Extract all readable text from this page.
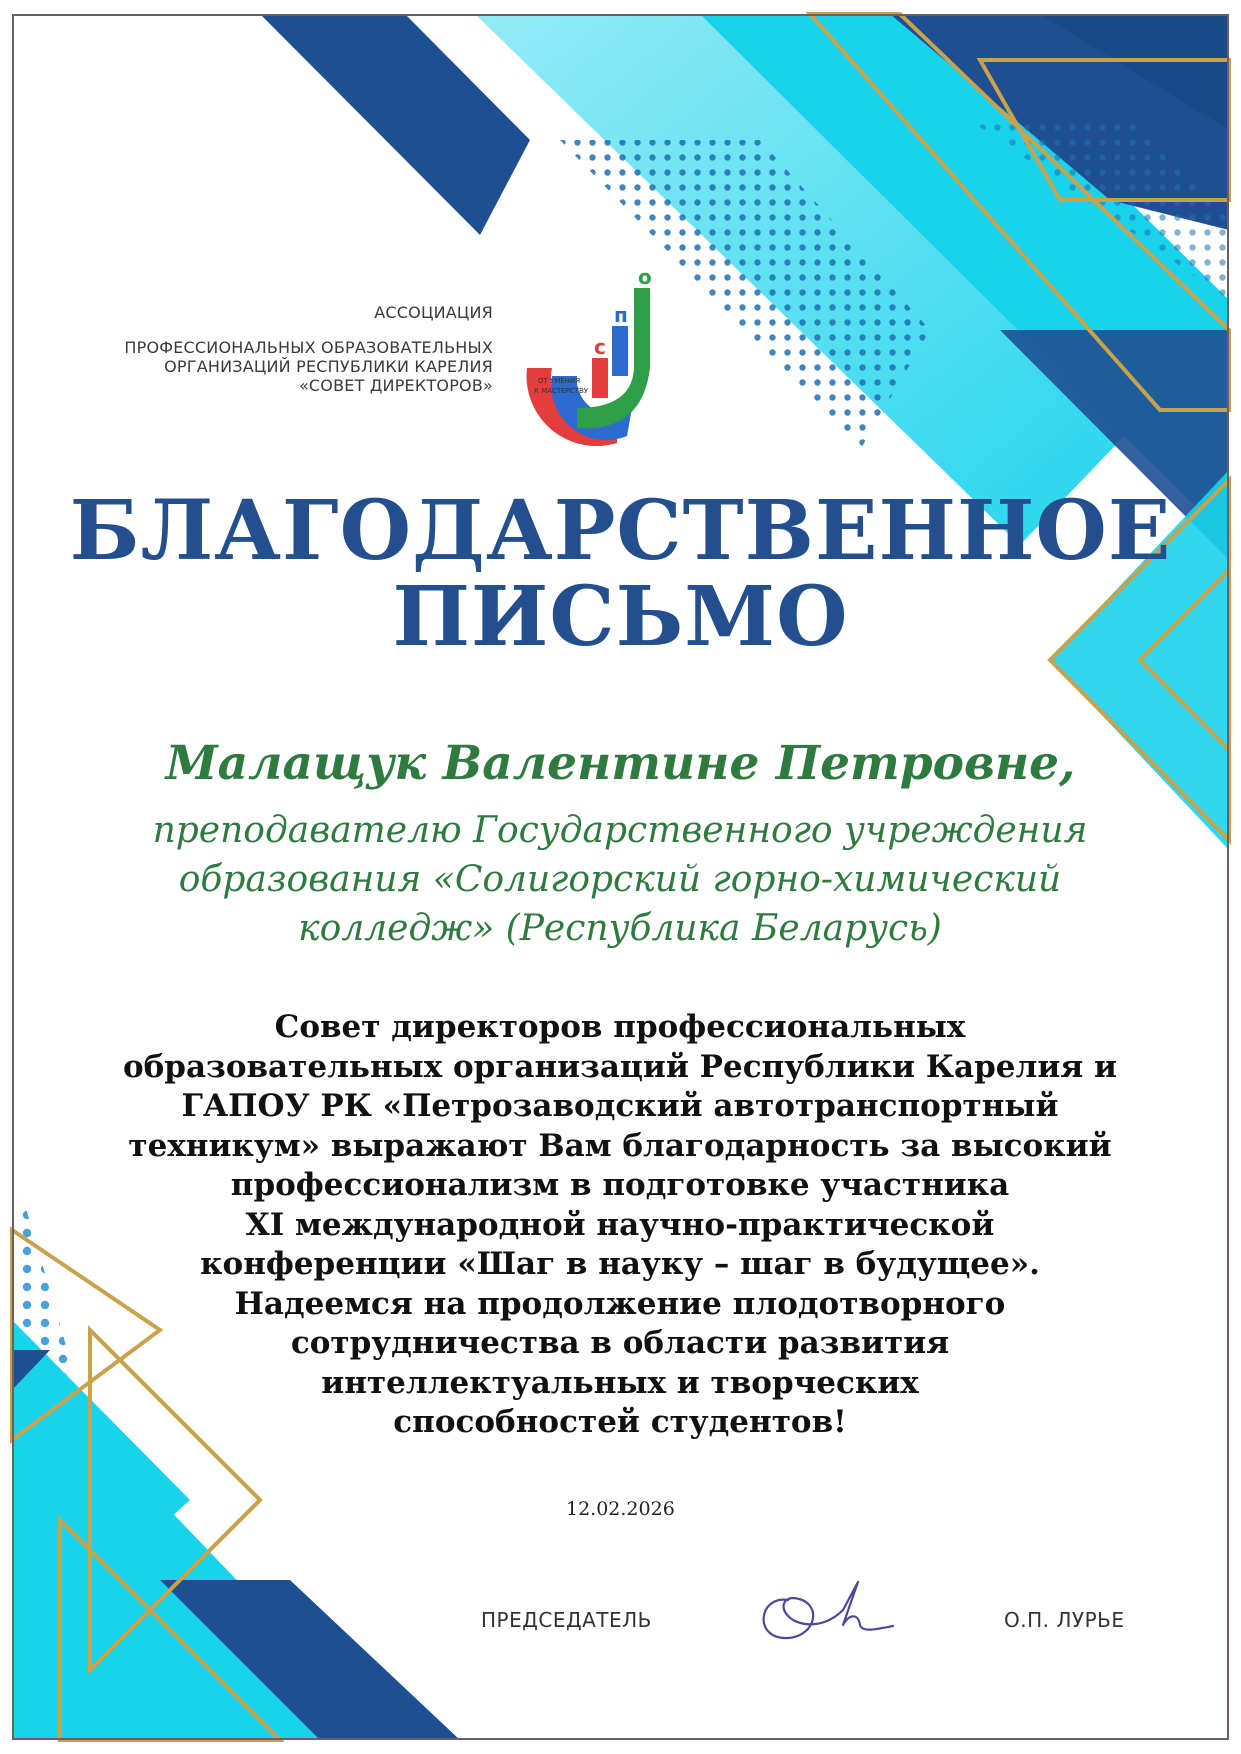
АССОЦИАЦИЯ
ПРОФЕССИОНАЛЬНЫХ ОБРАЗОВАТЕЛЬНЫХ
ОРГАНИЗАЦИЙ РЕСПУБЛИКИ КАРЕЛИЯ
«СОВЕТ ДИРЕКТОРОВ»
о
п
с
ОТ УМЕНИЯ
К МАСТЕРСТВУ
БЛАГОДАРСТВЕННОЕ
ПИСЬМО
Малащук Валентине Петровне,
преподавателю Государственного учреждения
образования «Солигорский горно-химический
колледж» (Республика Беларусь)
Совет директоров профессиональных
образовательных организаций Республики Карелия и
ГАПОУ РК «Петрозаводский автотранспортный
техникум» выражают Вам благодарность за высокий
профессионализм в подготовке участника
XI международной научно-практической
конференции «Шаг в науку – шаг в будущее».
Надеемся на продолжение плодотворного
сотрудничества в области развития
интеллектуальных и творческих
способностей студентов!
12.02.2026
ПРЕДСЕДАТЕЛЬ	О.П. ЛУРЬЕ
